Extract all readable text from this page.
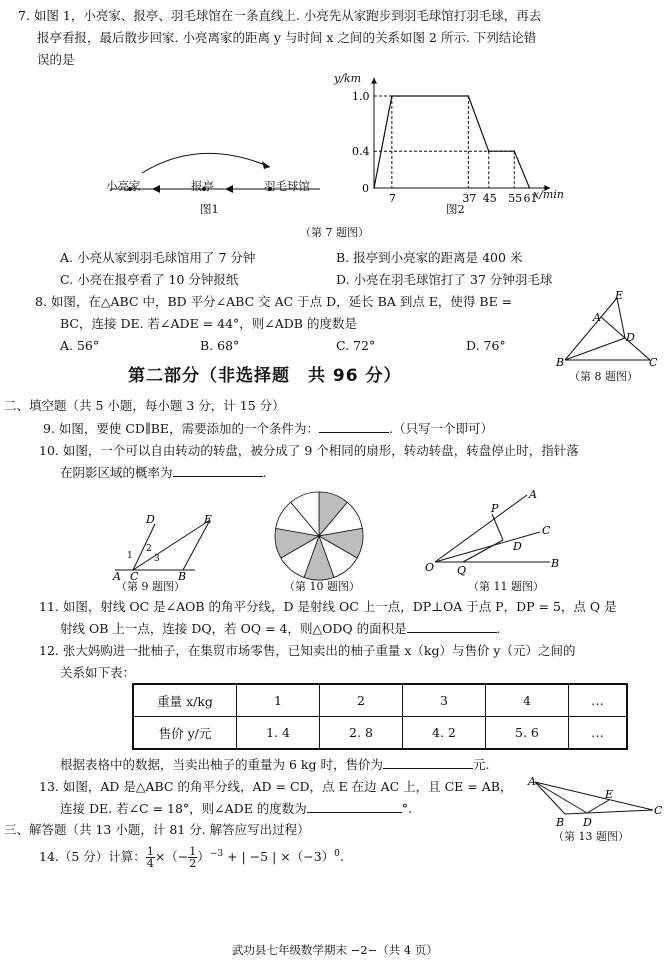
7. 如图 1，小亮家、报亭、羽毛球馆在一条直线上. 小亮先从家跑步到羽毛球馆打羽毛球，再去
报亭看报，最后散步回家. 小亮离家的距离 y 与时间 x 之间的关系如图 2 所示. 下列结论错
误的是
小亮家	报亭	羽毛球馆
图1
7	37 45 55 61
1.0
0.4
0
y/km
x/min
图2
（第 7 题图）
A. 小亮从家到羽毛球馆用了 7 分钟	B. 报亭到小亮家的距离是 400 米
C. 小亮在报亭看了 10 分钟报纸	D. 小亮在羽毛球馆打了 37 分钟羽毛球
8. 如图，在△ABC 中，BD 平分∠ABC 交 AC 于点 D，延长 BA 到点 E，使得 BE =
BC，连接 DE. 若∠ADE = 44°，则∠ADB 的度数是
A. 56°	B. 68°	C. 72°	D. 76°
E
A
D
B	C
（第 8 题图）
第二部分（非选择题　共 96 分）
二、填空题（共 5 小题，每小题 3 分，计 15 分）
9. 如图，要使 CD∥BE，需要添加的一个条件为：	.（只写一个即可）
10. 如图，一个可以自由转动的转盘，被分成了 9 个相同的扇形，转动转盘，转盘停止时，指针落
在阴影区域的概率为	.
D	E
1
2
3
A C	B
（第 9 题图）	（第 10 题图）
A
P
C
D
O Q
B
（第 11 题图）
11. 如图，射线 OC 是∠AOB 的角平分线，D 是射线 OC 上一点，DP⊥OA 于点 P，DP = 5，点 Q 是
射线 OB 上一点，连接 DQ，若 OQ = 4，则△ODQ 的面积是	.
12. 张大妈购进一批柚子，在集贸市场零售，已知卖出的柚子重量 x（kg）与售价 y（元）之间的
关系如下表：
重量 x/kg	1	2	3	4	…
售价 y/元	1. 4	2. 8	4. 2	5. 6	…
根据表格中的数据，当卖出柚子的重量为 6 kg 时，售价为	元.
13. 如图，AD 是△ABC 的角平分线，AD = CD，点 E 在边 AC 上，且 CE = AB，
连接 DE. 若∠C = 18°，则∠ADE 的度数为	°.
A
E
C
B D
（第 13 题图）
三、解答题（共 13 小题，计 81 分. 解答应写出过程）
14.（5 分）计算： $\frac{1}{4}$ ×（− $\frac{1}{2} )^{-3}$ + | −5 | $\times(-3)^0$.
武功县七年级数学期末 −2−（共 4 页）
